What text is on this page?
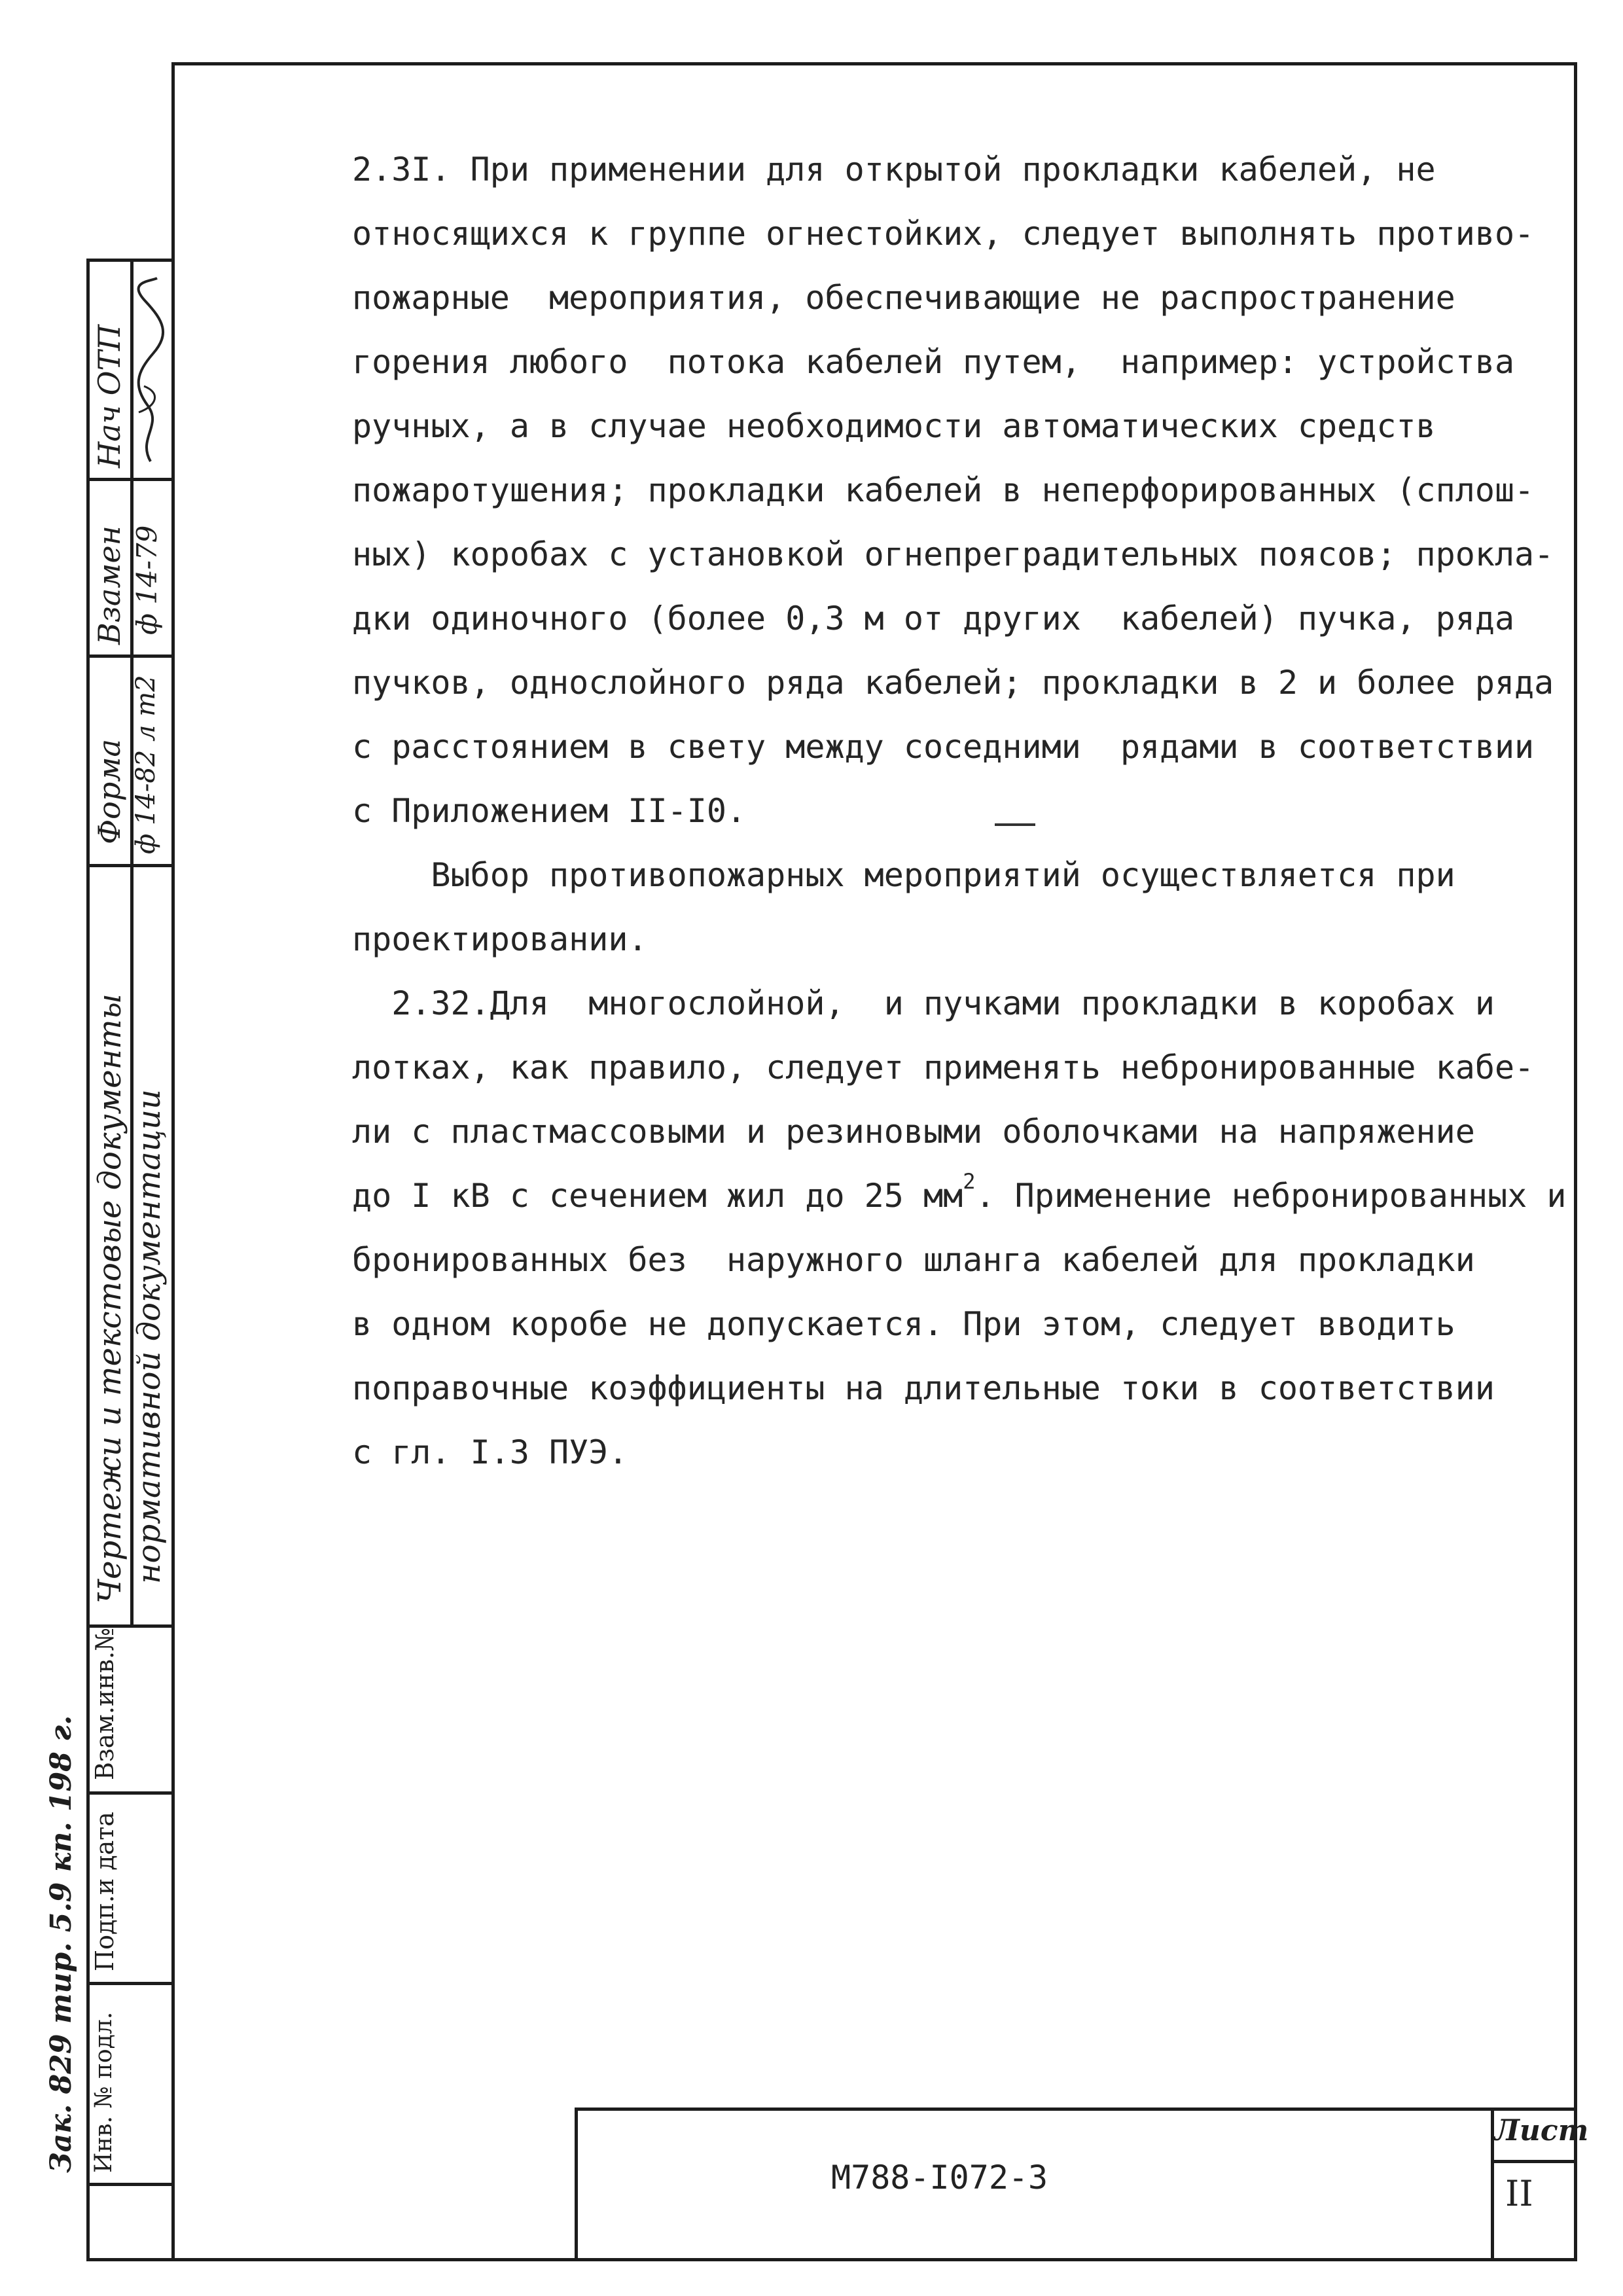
2.3I. При применении для открытой прокладки кабелей, не

относящихся к группе огнестойких, следует выполнять противо-

пожарные  мероприятия, обеспечивающие не распространение

горения любого  потока кабелей путем,  например: устройства

ручных, а в случае необходимости автоматических средств

пожаротушения; прокладки кабелей в неперфорированных (сплош-

ных) коробах с установкой огнепреградительных поясов; прокла-

дки одиночного (более 0,3 м от других  кабелей) пучка, ряда

пучков, однослойного ряда кабелей; прокладки в 2 и более ряда

с расстоянием в свету между соседними  рядами в соответствии

с Приложением II-I0.

Выбор противопожарных мероприятий осуществляется при

проектировании.

2.32.Для  многослойной,  и пучками прокладки в коробах и

лотках, как правило, следует применять небронированные кабе-

ли с пластмассовыми и резиновыми оболочками на напряжение

до I кВ с сечением жил до 25 $мм^2$. Применение небронированных и

бронированных без  наружного шланга кабелей для прокладки

в одном коробе не допускается. При этом, следует вводить

поправочные коэффициенты на длительные токи в соответствии

с гл. I.3 ПУЭ.

Нач ОТП
Взамен ф 14-79
Форма ф 14-82 л т2
Чертежи и текстовые документы нормативной документации
Взам.инв.№
Подп.и дата
Инв. № подл.
Зак. 829 тир. 5.9 кп. 198 г.
М788-I072-3
Лист
II
